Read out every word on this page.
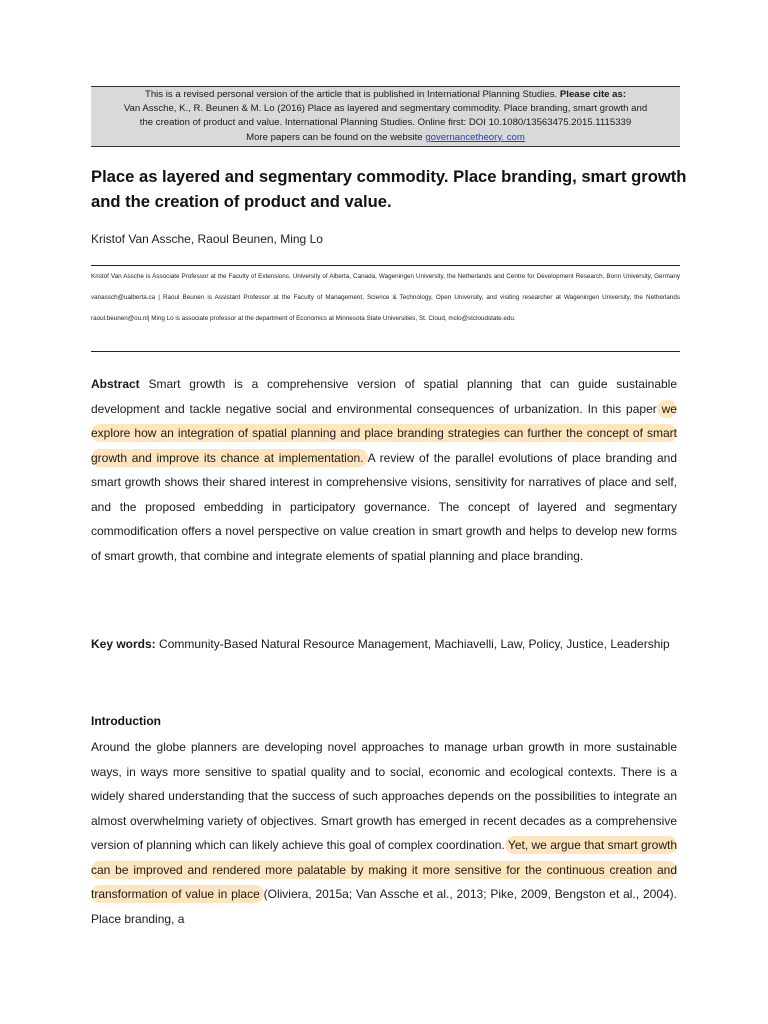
This is a revised personal version of the article that is published in International Planning Studies. Please cite as:
Van Assche, K., R. Beunen & M. Lo (2016) Place as layered and segmentary commodity. Place branding, smart growth and
the creation of product and value. International Planning Studies. Online first: DOI 10.1080/13563475.2015.1115339
More papers can be found on the website governancetheory. com
Place as layered and segmentary commodity. Place branding, smart growth and the creation of product and value.
Kristof Van Assche, Raoul Beunen, Ming Lo
Kristof Van Assche is Associate Professor at the Faculty of Extensions, University of Alberta, Canada, Wageningen University, the Netherlands and Centre for Development Research, Bonn University, Germany vanassch@ualberta.ca | Raoul Beunen is Assistant Professor at the Faculty of Management, Science & Technology, Open University, and visiting researcher at Wageningen University, the Netherlands raoul.beunen@ou.nl| Ming Lo is associate professor at the department of Economics at Minnesota State Universities, St. Cloud, mclo@stcloudstate.edu.
Abstract Smart growth is a comprehensive version of spatial planning that can guide sustainable development and tackle negative social and environmental consequences of urbanization. In this paper we explore how an integration of spatial planning and place branding strategies can further the concept of smart growth and improve its chance at implementation. A review of the parallel evolutions of place branding and smart growth shows their shared interest in comprehensive visions, sensitivity for narratives of place and self, and the proposed embedding in participatory governance. The concept of layered and segmentary commodification offers a novel perspective on value creation in smart growth and helps to develop new forms of smart growth, that combine and integrate elements of spatial planning and place branding.
Key words: Community-Based Natural Resource Management, Machiavelli, Law, Policy, Justice, Leadership
Introduction
Around the globe planners are developing novel approaches to manage urban growth in more sustainable ways, in ways more sensitive to spatial quality and to social, economic and ecological contexts. There is a widely shared understanding that the success of such approaches depends on the possibilities to integrate an almost overwhelming variety of objectives. Smart growth has emerged in recent decades as a comprehensive version of planning which can likely achieve this goal of complex coordination. Yet, we argue that smart growth can be improved and rendered more palatable by making it more sensitive for the continuous creation and transformation of value in place (Oliviera, 2015a; Van Assche et al., 2013; Pike, 2009, Bengston et al., 2004). Place branding, a
